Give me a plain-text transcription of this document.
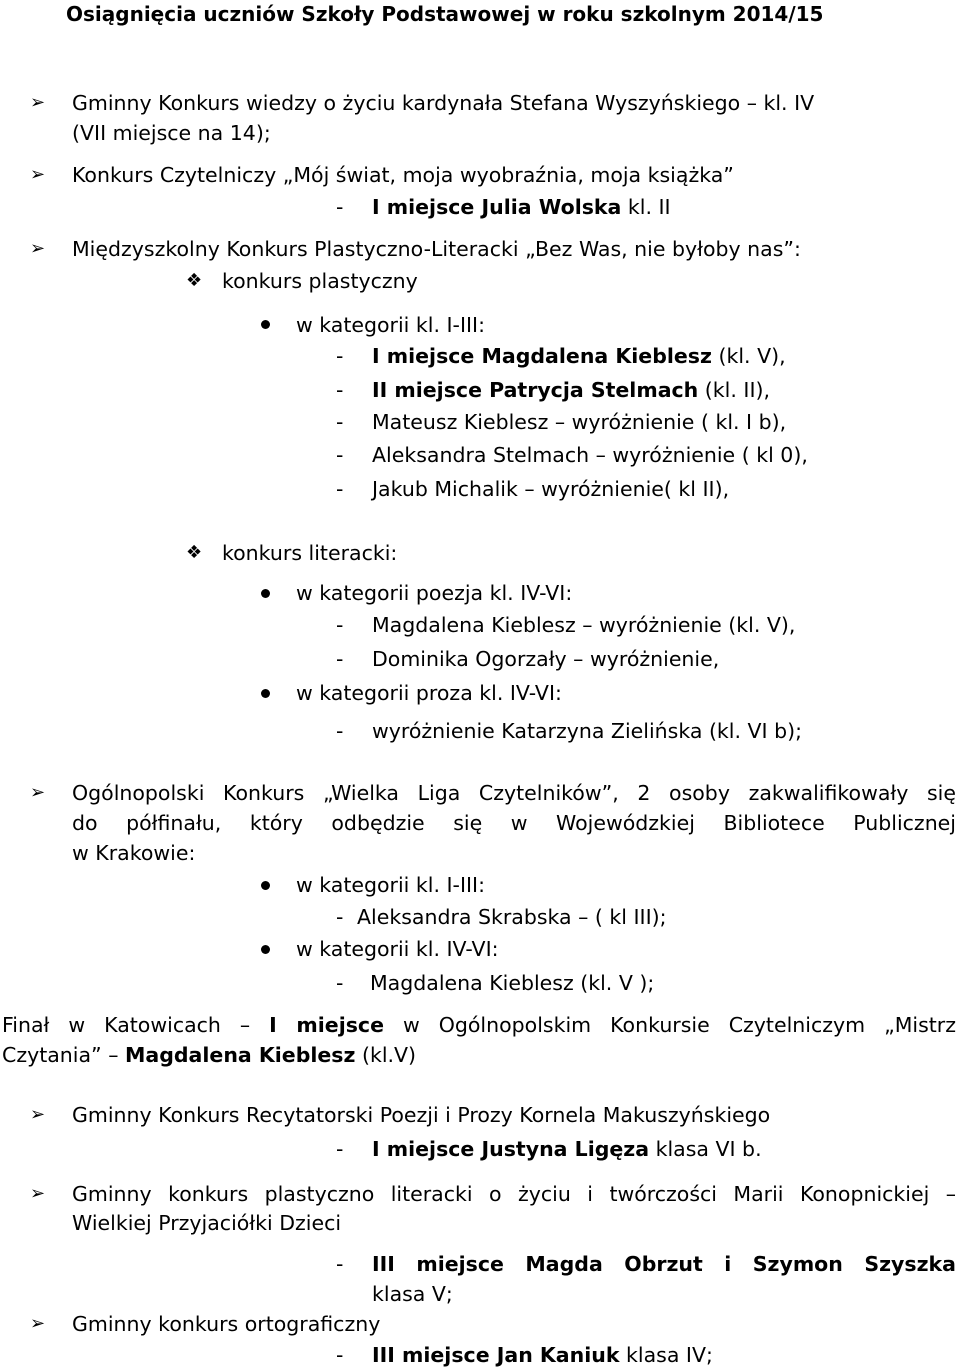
Osiągnięcia uczniów Szkoły Podstawowej w roku szkolnym 2014/15
➢ Gminny Konkurs wiedzy o życiu kardynała Stefana Wyszyńskiego – kl. IV
(VII miejsce na 14);
➢ Konkurs Czytelniczy „Mój świat, moja wyobraźnia, moja książka”
- I miejsce Julia Wolska kl. II
➢ Międzyszkolny Konkurs Plastyczno-Literacki „Bez Was, nie byłoby nas”:
❖ konkurs plastyczny
w kategorii kl. I-III:
- I miejsce Magdalena Kieblesz (kl. V),
- II miejsce Patrycja Stelmach (kl. II),
- Mateusz Kieblesz – wyróżnienie ( kl. I b),
- Aleksandra Stelmach – wyróżnienie ( kl 0),
- Jakub Michalik – wyróżnienie( kl II),
❖ konkurs literacki:
w kategorii poezja kl. IV-VI:
- Magdalena Kieblesz – wyróżnienie (kl. V),
- Dominika Ogorzały – wyróżnienie,
w kategorii proza kl. IV-VI:
- wyróżnienie Katarzyna Zielińska (kl. VI b);
➢ Ogólnopolski Konkurs „Wielka Liga Czytelników”, 2 osoby zakwalifikowały się
do półfinału, który odbędzie się w Wojewódzkiej Bibliotece Publicznej
w Krakowie:
w kategorii kl. I-III:
- Aleksandra Skrabska – ( kl III);
w kategorii kl. IV-VI:
- Magdalena Kieblesz (kl. V );
Finał w Katowicach – I miejsce w Ogólnopolskim Konkursie Czytelniczym „Mistrz
Czytania” – Magdalena Kieblesz (kl.V)
➢ Gminny Konkurs Recytatorski Poezji i Prozy Kornela Makuszyńskiego
- I miejsce Justyna Ligęza klasa VI b.
➢ Gminny konkurs plastyczno literacki o życiu i twórczości Marii Konopnickiej –
Wielkiej Przyjaciółki Dzieci
- III miejsce Magda Obrzut i Szymon Szyszka
klasa V;
➢ Gminny konkurs ortograficzny
- III miejsce Jan Kaniuk klasa IV;
